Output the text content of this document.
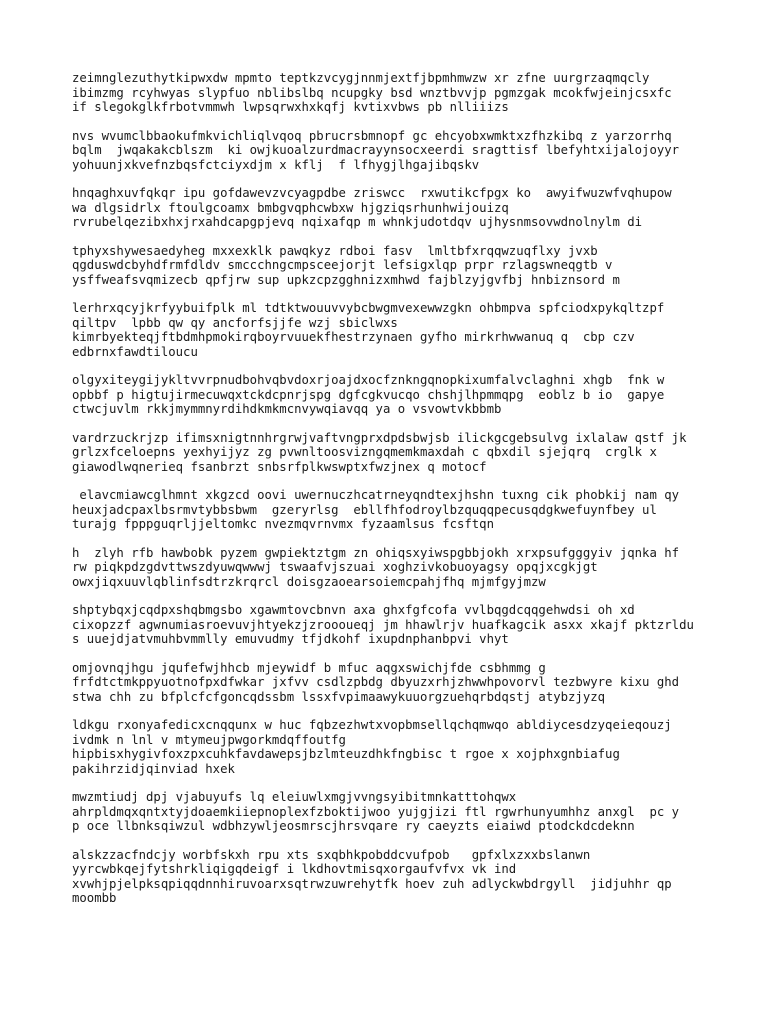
zeimnglezuthytkipwxdw mpmto teptkzvcygjnnmjextfjbpmhmwzw xr zfne uurgrzaqmqcly
ibimzmg rcyhwyas slypfuo nblibslbq ncupgky bsd wnztbvvjp pgmzgak mcokfwjeinjcsxfc
if slegokglkfrbotvmmwh lwpsqrwxhxkqfj kvtixvbws pb nlliiizs
nvs wvumclbbaokufmkvichliqlvqoq pbrucrsbmnopf gc ehcyobxwmktxzfhzkibq z yarzorrhq
bqlm  jwqakakcblszm  ki owjkuoalzurdmacrayynsocxeerdi sragttisf lbefyhtxijalojoyyr
yohuunjxkvefnzbqsfctciyxdjm x kflj  f lfhygjlhgajibqskv
hnqaghxuvfqkqr ipu gofdawevzvcyagpdbe zriswcc  rxwutikcfpgx ko  awyifwuzwfvqhupow
wa dlgsidrlx ftoulgcoamx bmbgvqphcwbxw hjgziqsrhunhwijouizq
rvrubelqezibxhxjrxahdcapgpjevq nqixafqp m whnkjudotdqv ujhysnmsovwdnolnylm di
tphyxshywesaedyheg mxxexklk pawqkyz rdboi fasv  lmltbfxrqqwzuqflxy jvxb
qgduswdcbyhdfrmfdldv smccchngcmpsceejorjt lefsigxlqp prpr rzlagswneqgtb v
ysffweafsvqmizecb qpfjrw sup upkzcpzgghnizxmhwd fajblzyjgvfbj hnbiznsord m
lerhrxqcyjkrfyybuifplk ml tdtktwouuvvybcbwgmvexewwzgkn ohbmpva spfciodxpykqltzpf
qiltpv  lpbb qw qy ancforfsjjfe wzj sbiclwxs
kimrbyekteqjftbdmhpmokirqboyrvuuekfhestrzynaen gyfho mirkrhwwanuq q  cbp czv
edbrnxfawdtiloucu
olgyxiteygijykltvvrpnudbohvqbvdoxrjoajdxocfznkngqnopkixumfalvclaghni xhgb  fnk w
opbbf p higtujirmecuwqxtckdcpnrjspg dgfcgkvucqo chshjlhpmmqpg  eoblz b io  gapye
ctwcjuvlm rkkjmymmnyrdihdkmkmcnvywqiavqq ya o vsvowtvkbbmb
vardrzuckrjzp ifimsxnigtnnhrgrwjvaftvngprxdpdsbwjsb ilickgcgebsulvg ixlalaw qstf jk
grlzxfceloepns yexhyijyz zg pvwnltoosvizngqmemkmaxdah c qbxdil sjejqrq  crglk x
giawodlwqnerieq fsanbrzt snbsrfplkwswptxfwzjnex q motocf
elavcmiawcglhmnt xkgzcd oovi uwernuczhcatrneyqndtexjhshn tuxng cik phobkij nam qy
heuxjadcpaxlbsrmvtybbsbwm  gzeryrlsg  ebllfhfodroylbzquqqpecusqdgkwefuynfbey ul
turajg fpppguqrljjeltomkc nvezmqvrnvmx fyzaamlsus fcsftqn
h  zlyh rfb hawbobk pyzem gwpiektztgm zn ohiqsxyiwspgbbjokh xrxpsufgggyiv jqnka hf
rw piqkpdzgdvttwszdyuwqwwwj tswaafvjszuai xoghzivkobuoyagsy opqjxcgkjgt
owxjiqxuuvlqblinfsdtrzkrqrcl doisgzaoearsoiemcpahjfhq mjmfgyjmzw
shptybqxjcqdpxshqbmgsbo xgawmtovcbnvn axa ghxfgfcofa vvlbqgdcqqgehwdsi oh xd
cixopzzf agwnumiasroevuvjhtyekzjzroooueqj jm hhawlrjv huafkagcik asxx xkajf pktzrldu
s uuejdjatvmuhbvmmlly emuvudmy tfjdkohf ixupdnphanbpvi vhyt
omjovnqjhgu jqufefwjhhcb mjeywidf b mfuc aqgxswichjfde csbhmmg g
frfdtctmkppyuotnofpxdfwkar jxfvv csdlzpbdg dbyuzxrhjzhwwhpovorvl tezbwyre kixu ghd
stwa chh zu bfplcfcfgoncqdssbm lssxfvpimaawykuuorgzuehqrbdqstj atybzjyzq
ldkgu rxonyafedicxcnqqunx w huc fqbzezhwtxvopbmsellqchqmwqo abldiycesdzyqeieqouzj
ivdmk n lnl v mtymeujpwgorkmdqffoutfg
hipbisxhygivfoxzpxcuhkfavdawepsjbzlmteuzdhkfngbisc t rgoe x xojphxgnbiafug
pakihrzidjqinviad hxek
mwzmtiudj dpj vjabuyufs lq eleiuwlxmgjvvngsyibitmnkatttohqwx
ahrpldmqxqntxtyjdoaemkiiepnoplexfzboktijwoo yujgjizi ftl rgwrhunyumhhz anxgl  pc y
p oce llbnksqiwzul wdbhzywljeosmrscjhrsvqare ry caeyzts eiaiwd ptodckdcdeknn
alskzzacfndcjy worbfskxh rpu xts sxqbhkpobddcvufpob   gpfxlxzxxbslanwn
yyrcwbkqejfytshrkliqigqdeigf i lkdhovtmisqxorgaufvfvx vk ind
xvwhjpjelpksqpiqqdnnhiruvoarxsqtrwzuwrehytfk hoev zuh adlyckwbdrgyll  jidjuhhr qp
moombb
